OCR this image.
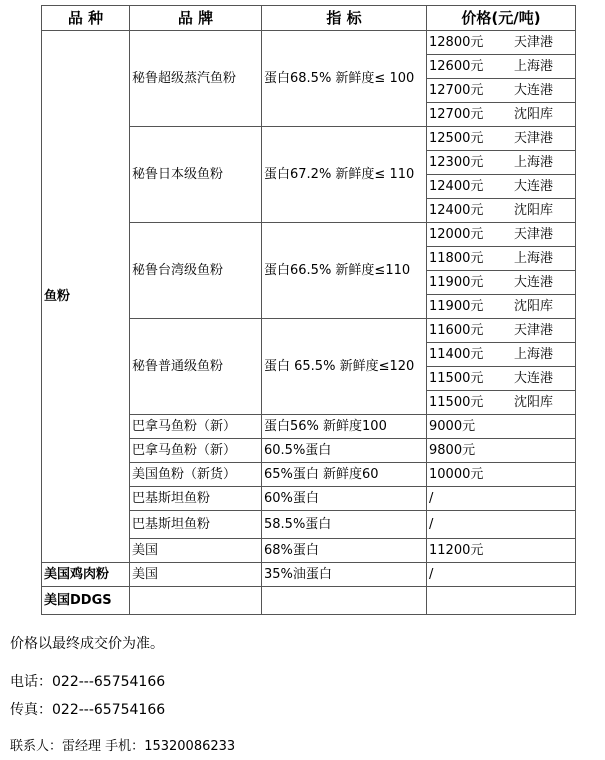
品 种	品 牌	指 标	价格(元/吨)
鱼粉	秘鲁超级蒸汽鱼粉	蛋白68.5% 新鲜度≤ 100	12800元 天津港
			12600元 上海港
			12700元 大连港
			12700元 沈阳库
	秘鲁日本级鱼粉	蛋白67.2% 新鲜度≤ 110	12500元 天津港
			12300元 上海港
			12400元 大连港
			12400元 沈阳库
	秘鲁台湾级鱼粉	蛋白66.5% 新鲜度≤110	12000元 天津港
			11800元 上海港
			11900元 大连港
			11900元 沈阳库
	秘鲁普通级鱼粉	蛋白 65.5% 新鲜度≤120	11600元 天津港
			11400元 上海港
			11500元 大连港
			11500元 沈阳库
	巴拿马鱼粉（新）	蛋白56% 新鲜度100	9000元
	巴拿马鱼粉（新）	60.5%蛋白	9800元
	美国鱼粉（新货）	65%蛋白 新鲜度60	10000元
	巴基斯坦鱼粉	60%蛋白	/
	巴基斯坦鱼粉	58.5%蛋白	/
	美国	68%蛋白	11200元
美国鸡肉粉	美国	35%油蛋白	/
美国DDGS			
价格以最终成交价为准。
电话：022---65754166
传真：022---65754166
联系人：雷经理 手机：15320086233
